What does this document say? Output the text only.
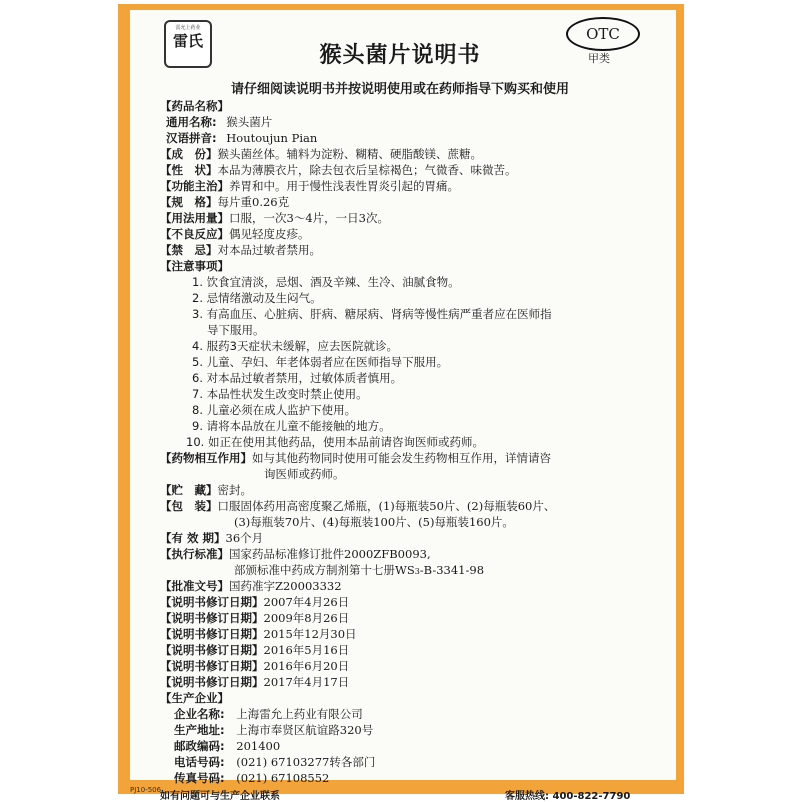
雷允上药业
雷氏	OTC
甲类
猴头菌片说明书
请仔细阅读说明书并按说明使用或在药师指导下购买和使用
【药品名称】
通用名称: 猴头菌片
汉语拼音: Houtoujun Pian
【成　份】猴头菌丝体。辅料为淀粉、糊精、硬脂酸镁、蔗糖。
【性　状】本品为薄膜衣片，除去包衣后呈棕褐色；气微香、味微苦。
【功能主治】养胃和中。用于慢性浅表性胃炎引起的胃痛。
【规　格】每片重0.26克
【用法用量】口服，一次3～4片，一日3次。
【不良反应】偶见轻度皮疹。
【禁　忌】对本品过敏者禁用。
【注意事项】
1. 饮食宜清淡，忌烟、酒及辛辣、生冷、油腻食物。
2. 忌情绪激动及生闷气。
3. 有高血压、心脏病、肝病、糖尿病、肾病等慢性病严重者应在医师指
导下服用。
4. 服药3天症状未缓解，应去医院就诊。
5. 儿童、孕妇、年老体弱者应在医师指导下服用。
6. 对本品过敏者禁用，过敏体质者慎用。
7. 本品性状发生改变时禁止使用。
8. 儿童必须在成人监护下使用。
9. 请将本品放在儿童不能接触的地方。
10. 如正在使用其他药品，使用本品前请咨询医师或药师。
【药物相互作用】如与其他药物同时使用可能会发生药物相互作用，详情请咨
询医师或药师。
【贮　藏】密封。
【包　装】口服固体药用高密度聚乙烯瓶，(1)每瓶装50片、(2)每瓶装60片、
(3)每瓶装70片、(4)每瓶装100片、(5)每瓶装160片。
【有 效 期】36个月
【执行标准】国家药品标准修订批件2000ZFB0093,
部颁标准中药成方制剂第十七册WS3-B-3341-98
【批准文号】国药准字Z20003332
【说明书修订日期】2007年4月26日
【说明书修订日期】2009年8月26日
【说明书修订日期】2015年12月30日
【说明书修订日期】2016年5月16日
【说明书修订日期】2016年6月20日
【说明书修订日期】2017年4月17日
【生产企业】
企业名称: 上海雷允上药业有限公司
生产地址: 上海市奉贤区航谊路320号
邮政编码: 201400
电话号码: (021) 67103277转各部门
传真号码: (021) 67108552
如有问题可与生产企业联系	客服热线: 400-822-7790
PJ10-506
